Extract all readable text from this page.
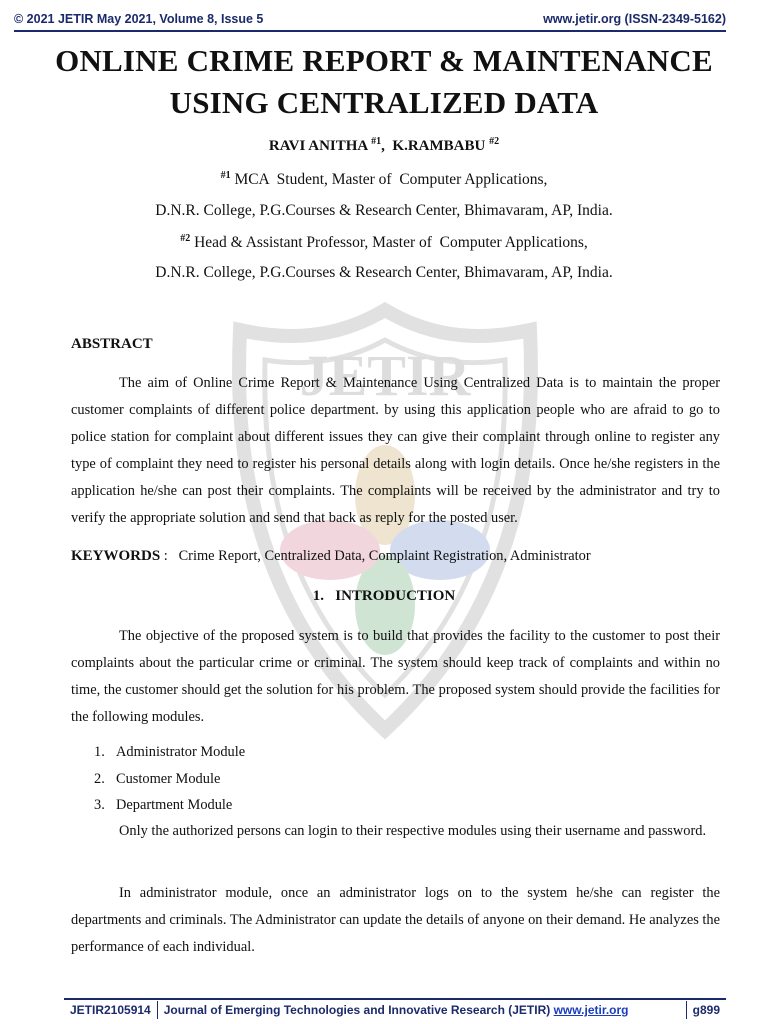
© 2021 JETIR May 2021, Volume 8, Issue 5	www.jetir.org (ISSN-2349-5162)
JETIR
ONLINE CRIME REPORT & MAINTENANCE
USING CENTRALIZED DATA
RAVI ANITHA $^{\#1}$,  K.RAMBABU $^{\#2}$
$^{\#1}$ MCA  Student, Master of  Computer Applications,
D.N.R. College, P.G.Courses & Research Center, Bhimavaram, AP, India.
$^{\#2}$ Head & Assistant Professor, Master of  Computer Applications,
D.N.R. College, P.G.Courses & Research Center, Bhimavaram, AP, India.
ABSTRACT

The aim of Online Crime Report & Maintenance Using Centralized Data is to maintain the proper customer complaints of different police department. by using this application people who are afraid to go to police station for complaint about different issues they can give their complaint through online to register any type of complaint they need to register his personal details along with login details. Once he/she registers in the application he/she can post their complaints. The complaints will be received by the administrator and try to verify the appropriate solution and send that back as reply for the posted user.

KEYWORDS :   Crime Report, Centralized Data, Complaint Registration, Administrator
1.   INTRODUCTION

The objective of the proposed system is to build that provides the facility to the customer to post their complaints about the particular crime or criminal. The system should keep track of complaints and within no time, the customer should get the solution for his problem. The proposed system should provide the facilities for the following modules.

1. Administrator Module
2. Customer Module
3. Department Module

Only the authorized persons can login to their respective modules using their username and password.

In administrator module, once an administrator logs on to the system he/she can register the departments and criminals. The Administrator can update the details of anyone on their demand. He analyzes the performance of each individual.

JETIR2105914	Journal of Emerging Technologies and Innovative Research (JETIR) www.jetir.org	g899
